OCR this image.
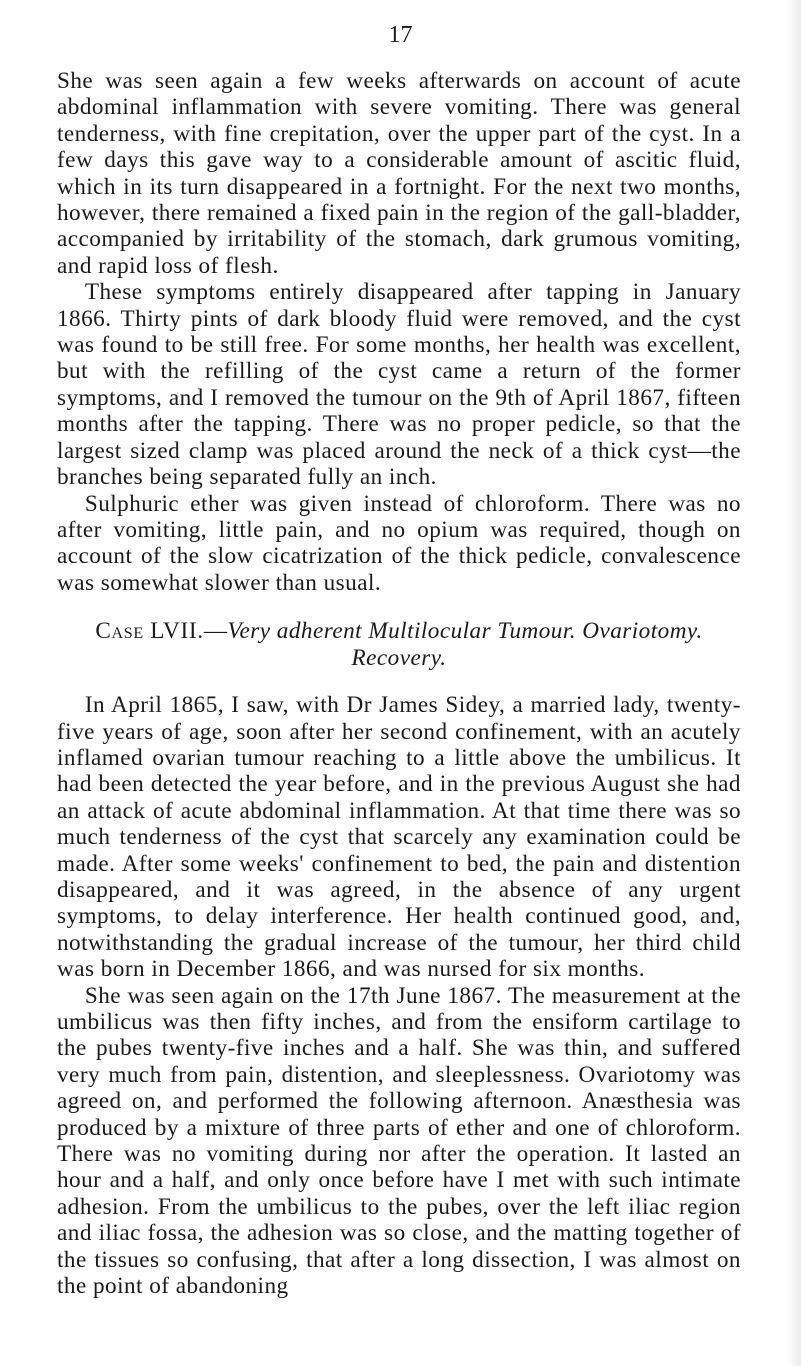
17

She was seen again a few weeks afterwards on account of acute abdominal inflammation with severe vomiting. There was general tenderness, with fine crepitation, over the upper part of the cyst. In a few days this gave way to a considerable amount of ascitic fluid, which in its turn disappeared in a fortnight. For the next two months, however, there remained a fixed pain in the region of the gall-bladder, accompanied by irritability of the stomach, dark grumous vomiting, and rapid loss of flesh.

These symptoms entirely disappeared after tapping in January 1866. Thirty pints of dark bloody fluid were removed, and the cyst was found to be still free. For some months, her health was excellent, but with the refilling of the cyst came a return of the former symptoms, and I removed the tumour on the 9th of April 1867, fifteen months after the tapping. There was no proper pedicle, so that the largest sized clamp was placed around the neck of a thick cyst—the branches being separated fully an inch.

Sulphuric ether was given instead of chloroform. There was no after vomiting, little pain, and no opium was required, though on account of the slow cicatrization of the thick pedicle, convalescence was somewhat slower than usual.

Case LVII.—Very adherent Multilocular Tumour. Ovariotomy. Recovery.

In April 1865, I saw, with Dr James Sidey, a married lady, twenty-five years of age, soon after her second confinement, with an acutely inflamed ovarian tumour reaching to a little above the umbilicus. It had been detected the year before, and in the previous August she had an attack of acute abdominal inflammation. At that time there was so much tenderness of the cyst that scarcely any examination could be made. After some weeks' confinement to bed, the pain and distention disappeared, and it was agreed, in the absence of any urgent symptoms, to delay interference. Her health continued good, and, notwithstanding the gradual increase of the tumour, her third child was born in December 1866, and was nursed for six months.

She was seen again on the 17th June 1867. The measurement at the umbilicus was then fifty inches, and from the ensiform cartilage to the pubes twenty-five inches and a half. She was thin, and suffered very much from pain, distention, and sleeplessness. Ovariotomy was agreed on, and performed the following afternoon. Anæsthesia was produced by a mixture of three parts of ether and one of chloroform. There was no vomiting during nor after the operation. It lasted an hour and a half, and only once before have I met with such intimate adhesion. From the umbilicus to the pubes, over the left iliac region and iliac fossa, the adhesion was so close, and the matting together of the tissues so confusing, that after a long dissection, I was almost on the point of abandoning
